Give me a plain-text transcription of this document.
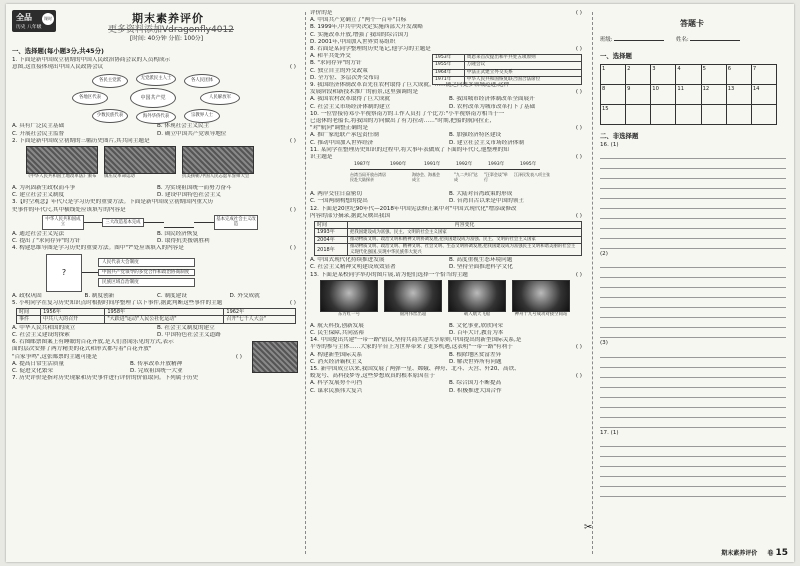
全品
历史 八年级
课时	期末素养评价
更多资料添加Vdragonfly4012
[时间: 40分钟 分值: 100分]
一、选择题(每小题3分,共45分)
1. 下面是新中国成立初期的中国人民政治协商会议的人员构成示
意图,这直接体现出中国人民政协会议	( )
中国共产党
各民主党派	无党派民主人士	各人民团体
各地区代表	人民解放军
少数民族代表	海外华侨代表	宗教界人士
A. 具有广泛民主基础	B. 体现社会主义民主
C. 开展社会民主监督	D. 确立中国共产党领导地位
2. 下面是新中国成立初期的三幅历史图片,其共同主题是	( )
《中华人民共和国土地改革法》颁布	镇压反革命运动	抗美援朝,中国人民志愿军誓师大会
A. 为巩固新生政权而斗争	B. 为实现祖国统一而努力奋斗
C. 建立社会主义制度	D. 建设中国特色社会主义
3.【时空观念】年代尺是学习历史的重要方法。下面是新中国成立初期国内重大历
史事件的年代尺,其中横线处应该填写的内容是	( )
中华人民共和国成立
三大改造基本完成
基本完成社会主义改造
A. 通过社会主义宪法	B. 国民经济恢复
C. 提出了"求同存异"的方针	D. 取得抗美援朝胜利
4. 构建思维导图是学习历史的重要方法。图中"?"处应该填入的内容是	( )
?
人民代表大会制度
中国共产党领导的多党合作和政治协商制度
民族区域自治制度
A. 政权巩固	B. 制度创新	C. 制度建设	D. 外交成就
5. 小明同学在复习历史知识点时根据时间序整理了以下事件,据此判断这些事件的主题	( )
时间	1956年	1958年	1962年
事件	中共八大的召开	"大跃进"运动"人民公社化运动"	召开"七千人大会"
A. 中华人民共和国的成立	B. 社会主义制度的建立
C. 社会主义建设的探索	D. 中国特色社会主义道路
6. 右图邮票图案上有睡眠的百花齐放,是人们喜闻乐见的方式,表示
面的层次安排了两方精美的花式和形式都写着"百花齐放"
"百家争鸣",这张邮票的主题可能是	( )
A. 提高日常生活质量	B. 传承改革开放精神
C. 促进文化繁荣	D. 完成祖国统一大业
7. 历史评价是指对历史现象和历史事件进行评价的价值取向。下列属于历史
评价的是	( )
A. 中国共产党确立了"两个一百年"目标
B. 1999年,中共中央决定实施西部大开发战略
C. 实施改革开放,增强了我国的综合国力
D. 2001年,中国加入世界贸易组织
8. 右面是某同学整理的历史笔记,他学习的主题是	( )
1953年	周恩来首次提出和平共处五项原则
1955年	万隆会议
1964年	中法正式建立外交关系
1971年	中华人民共和国恢复联合国合法席位
A. 和平共处外交
B. "求同存异"的方针
C. 独立自主的外交政策
D. 全方位、多层次外交布局
9. 我国经济体制改革首先在农村取得了巨大成就。……随之向更多领域迈进,这种
发展阶段和新技术推广的前景,这里强调的是	( )
A. 我国农村改革取得了巨大成就	B. 我国城市经济体制改革全面展开
C. 社会主义市场经济体制的建立	D. 农村改革为城市改革打下了基础
10. 一位曾接待邓小平视察南方的工作人员打了个比方:"小平视察南方相当于一
已退休的老船长,将我国的方向做出了有力拉动……"时期,把船的航向拉正,
"对"航向"调整正确的是	( )
A. 推广家庭联产承包责任制	B. 加强经济特区建设
C. 推动中国加入世界经济	D. 建立社会主义市场经济体制
11. 某同学在整理历史知识的过程中,将大事年表做成了下面的年代尺,他整理的知
识主题是	( )
1987年	1990年	1991年	1992年	1993年	1995年
台湾当局开放台湾居民赴大陆探亲
海协会、海基会成立
"九二共识"达成
"汪辜会谈"举行
江泽民发表八项主张
A. 两岸交往日益密切	B. 大陆对台湾政策的形成
C. 一国两制构想的提出	D. 台湾自古以来是中国的领土
12. 下面是20世纪90年代—2018年中国宪法修正案中对"中国式现代化"增添或修改
内容的部分摘录,据此反映出我国	( )
时间	内容变化
1993年	把我国建设成为富强、民主、文明的社会主义国家
2004年	推动物质文明、政治文明和精神文明协调发展,把我国建设成为富强、民主、文明的社会主义国家
2018年	推动物质文明、政治文明、精神文明、社会文明、生态文明协调发展,把我国建设成为富强民主文明和谐美丽的社会主义现代化强国,实现中华民族伟大复兴
A. 中国式现代化持续推进发展	B. 高度重视生态环境问题
C. 社会主义精神文明建设成效显著	D. 坚持全面推进科学文化
13. 下面是某校同学举办的图片展,请为他们选择一个恰当的主题	( )
东方红一号	银河伟丝出超	载人航天飞船	神舟十九号成功对接空间站
A. 航天科技,创新发展	B. 文化事业,欣欣向荣
C. 民生保障,共同富裕	D. 百年大计,教育为本
14. 中国提出共建"一带一路"倡议,坚持共商共建共享原则,中国提出的新型国际关系,是
平等的参与主体……大家的平台上为世界带来了更多机遇,这表明"一带一路"有利于	( )
A. 构建新型国际关系	B. 根除地区贫富差异
C. 消灭经济霸权主义	D. 解决世界所有问题
15. 新中国成立以来,我国发展了两弹一星、嫦娥、神舟、北斗、天宫、歼20、高铁、
蛟龙号、高科技梦等,这些梦想成真的根本原因在于	( )
A. 科学发展势不可挡	B. 综合国力不断提高
C. 谋求民族伟大复兴	D. 积极推进大国合作
答题卡
班级:	姓名:
一、选择题
1	2	3	4	5	6	7
8	9	10	11	12	13	14
15
二、非选择题
16. (1)
(2)
(3)
17. (1)
✂
期末素养评价 卷 15
